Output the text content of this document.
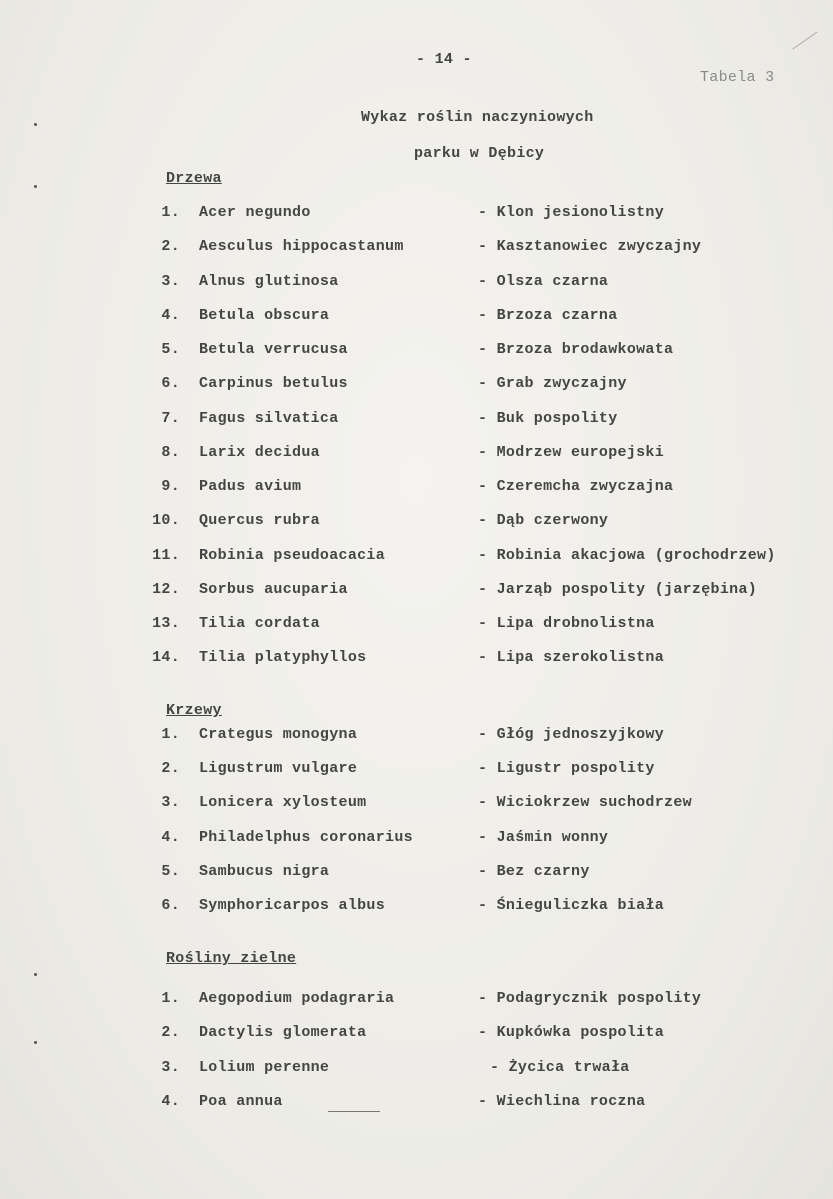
- 14 -
Tabela 3
Wykaz roślin naczyniowych
parku w Dębicy
Drzewa
1. Acer negundo	- Klon jesionolistny
2. Aesculus hippocastanum	- Kasztanowiec zwyczajny
3. Alnus glutinosa	- Olsza czarna
4. Betula obscura	- Brzoza czarna
5. Betula verrucusa	- Brzoza brodawkowata
6. Carpinus betulus	- Grab zwyczajny
7. Fagus silvatica	- Buk pospolity
8. Larix decidua	- Modrzew europejski
9. Padus avium	- Czeremcha zwyczajna
10. Quercus rubra	- Dąb czerwony
11. Robinia pseudoacacia	- Robinia akacjowa (grochodrzew)
12. Sorbus aucuparia	- Jarząb pospolity (jarzębina)
13. Tilia cordata	- Lipa drobnolistna
14. Tilia platyphyllos	- Lipa szerokolistna
Krzewy
1. Crategus monogyna	- Głóg jednoszyjkowy
2. Ligustrum vulgare	- Ligustr pospolity
3. Lonicera xylosteum	- Wiciokrzew suchodrzew
4. Philadelphus coronarius	- Jaśmin wonny
5. Sambucus nigra	- Bez czarny
6. Symphoricarpos albus	- Śnieguliczka biała
Rośliny zielne
1. Aegopodium podagraria	- Podagrycznik pospolity
2. Dactylis glomerata	- Kupkówka pospolita
3. Lolium perenne	- Życica trwała
4. Poa annua	- Wiechlina roczna
